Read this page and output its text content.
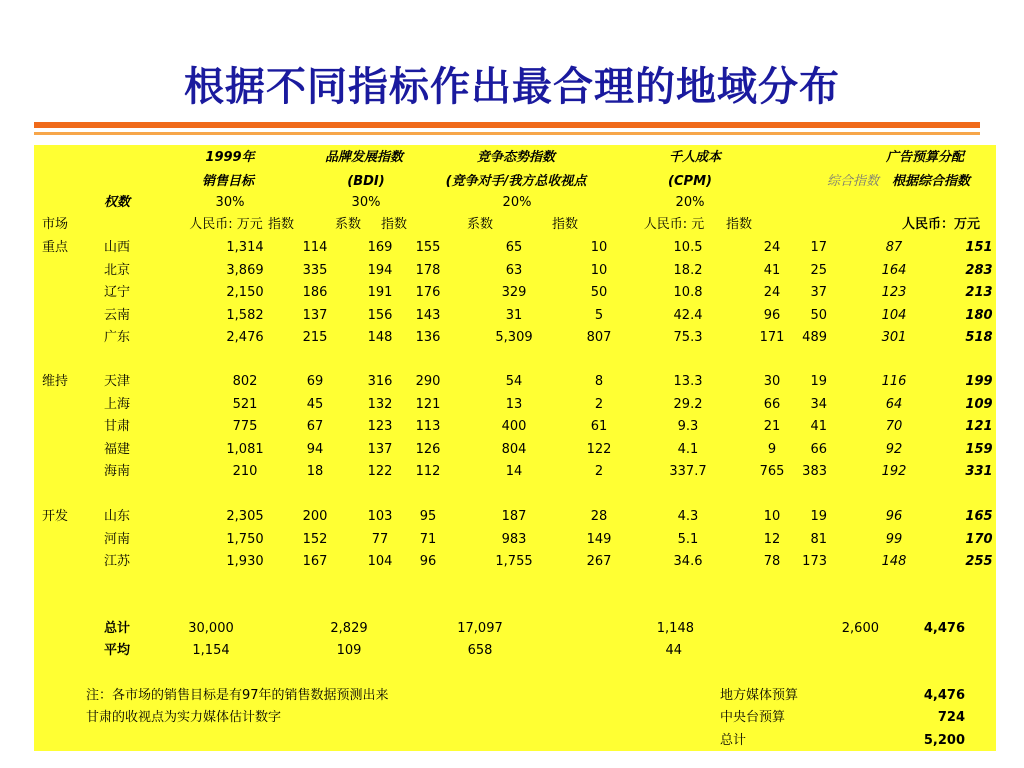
根据不同指标作出最合理的地域分布
1999年	品牌发展指数	竞争态势指数	千人成本	广告预算分配
销售目标	(BDI)	(竞争对手/我方总收视点	(CPM)	综合指数 根据综合指数
权数	30%	30%	20%	20%
市场	人民币: 万元 指数	系数 指数	系数	指数	人民币: 元 指数	人民币：万元
重点	山西	1,314	114	169 155	65	10	10.5	24 17	87	151
北京	3,869	335	194 178	63	10	18.2	41 25	164	283
辽宁	2,150	186	191 176	329	50	10.8	24 37	123	213
云南	1,582	137	156 143	31	5	42.4	96 50	104	180
广东	2,476	215	148 136	5,309	807	75.3	171 489	301	518
维持	天津	802	69	316 290	54	8	13.3	30 19	116	199
上海	521	45	132 121	13	2	29.2	66 34	64	109
甘肃	775	67	123 113	400	61	9.3	21 41	70	121
福建	1,081	94	137 126	804	122	4.1	9	66	92	159
海南	210	18	122 112	14	2	337.7	765 383	192	331
开发	山东	2,305	200	103 95	187	28	4.3	10 19	96	165
河南	1,750	152	77 71	983	149	5.1	12 81	99	170
江苏	1,930	167	104 96	1,755	267	34.6	78 173	148	255
总计	30,000	2,829	17,097	1,148	2,600	4,476
平均	1,154	109	658	44
注：各市场的销售目标是有97年的销售数据预测出来
甘肃的收视点为实力媒体估计数字
地方媒体预算	4,476
中央台预算	724
总计	5,200
